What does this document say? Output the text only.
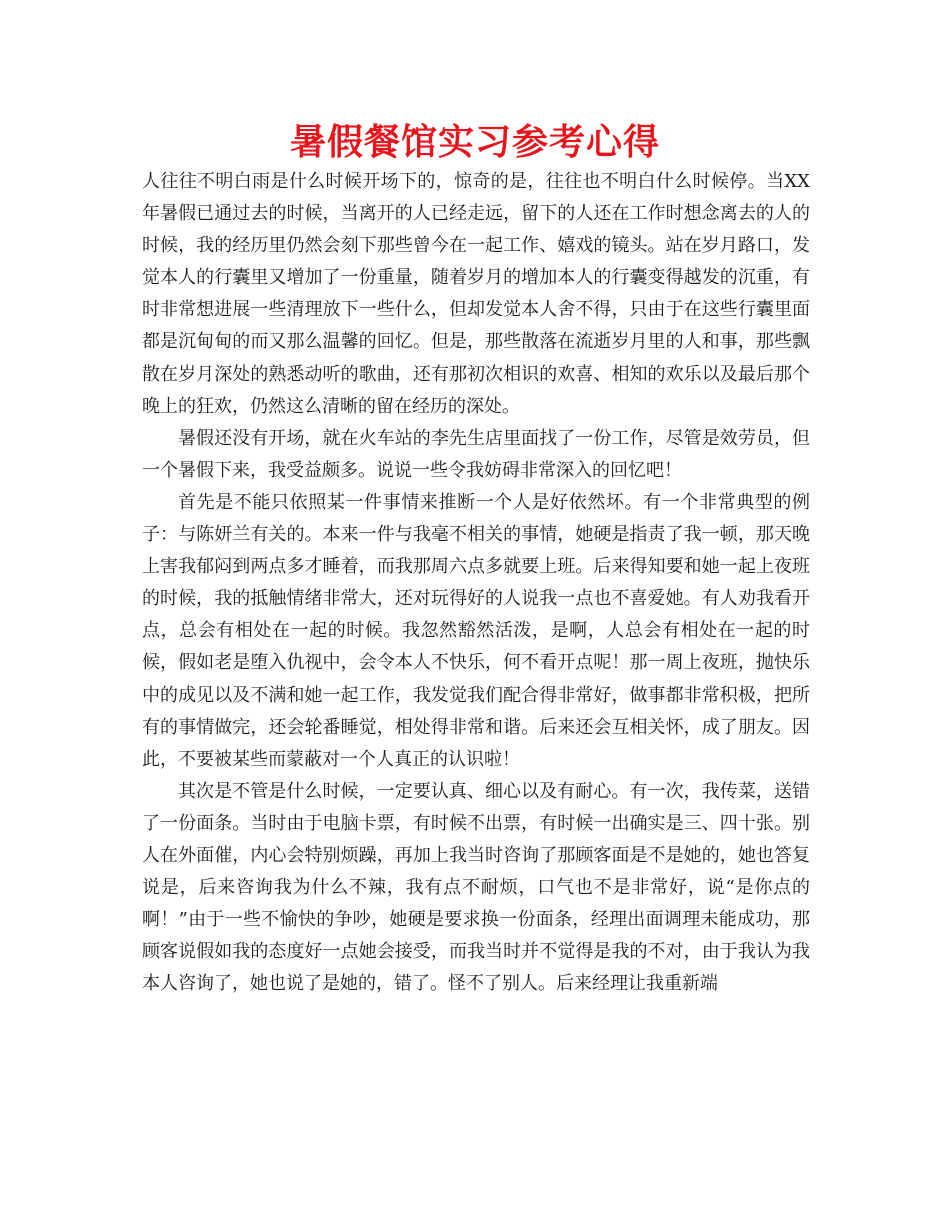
暑假餐馆实习参考心得

人往往不明白雨是什么时候开场下的，惊奇的是，往往也不明白什么时候停。当XX年暑假已通过去的时候，当离开的人已经走远，留下的人还在工作时想念离去的人的时候，我的经历里仍然会刻下那些曾今在一起工作、嬉戏的镜头。站在岁月路口，发觉本人的行囊里又增加了一份重量，随着岁月的增加本人的行囊变得越发的沉重，有时非常想进展一些清理放下一些什么，但却发觉本人舍不得，只由于在这些行囊里面都是沉甸甸的而又那么温馨的回忆。但是，那些散落在流逝岁月里的人和事，那些飘散在岁月深处的熟悉动听的歌曲，还有那初次相识的欢喜、相知的欢乐以及最后那个晚上的狂欢，仍然这么清晰的留在经历的深处。

暑假还没有开场，就在火车站的李先生店里面找了一份工作，尽管是效劳员，但一个暑假下来，我受益颇多。说说一些令我妨碍非常深入的回忆吧！

首先是不能只依照某一件事情来推断一个人是好依然坏。有一个非常典型的例子：与陈妍兰有关的。本来一件与我毫不相关的事情，她硬是指责了我一顿，那天晚上害我郁闷到两点多才睡着，而我那周六点多就要上班。后来得知要和她一起上夜班的时候，我的抵触情绪非常大，还对玩得好的人说我一点也不喜爱她。有人劝我看开点，总会有相处在一起的时候。我忽然豁然活泼，是啊，人总会有相处在一起的时候，假如老是堕入仇视中，会令本人不快乐，何不看开点呢！那一周上夜班，抛快乐中的成见以及不满和她一起工作，我发觉我们配合得非常好，做事都非常积极，把所有的事情做完，还会轮番睡觉，相处得非常和谐。后来还会互相关怀，成了朋友。因此，不要被某些而蒙蔽对一个人真正的认识啦！

其次是不管是什么时候，一定要认真、细心以及有耐心。有一次，我传菜，送错了一份面条。当时由于电脑卡票，有时候不出票，有时候一出确实是三、四十张。别人在外面催，内心会特别烦躁，再加上我当时咨询了那顾客面是不是她的，她也答复说是，后来咨询我为什么不辣，我有点不耐烦，口气也不是非常好，说“是你点的啊！”由于一些不愉快的争吵，她硬是要求换一份面条，经理出面调理未能成功，那顾客说假如我的态度好一点她会接受，而我当时并不觉得是我的不对，由于我认为我本人咨询了，她也说了是她的，错了。怪不了别人。后来经理让我重新端
